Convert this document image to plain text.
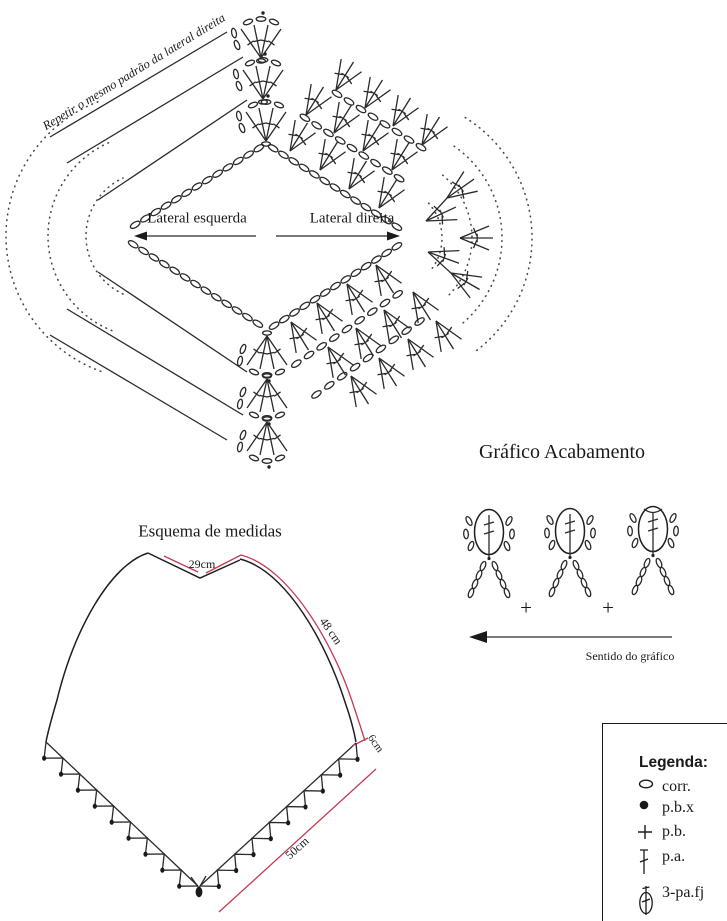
Repetir o mesmo padrão da lateral direita
Lateral esquerda	Lateral direita
Gráfico Acabamento
+	+
Sentido do gráfico
Esquema de medidas
29cm
48 cm
6cm
50cm
Legenda:
corr.
p.b.x
p.b.
p.a.
3-pa.fj
